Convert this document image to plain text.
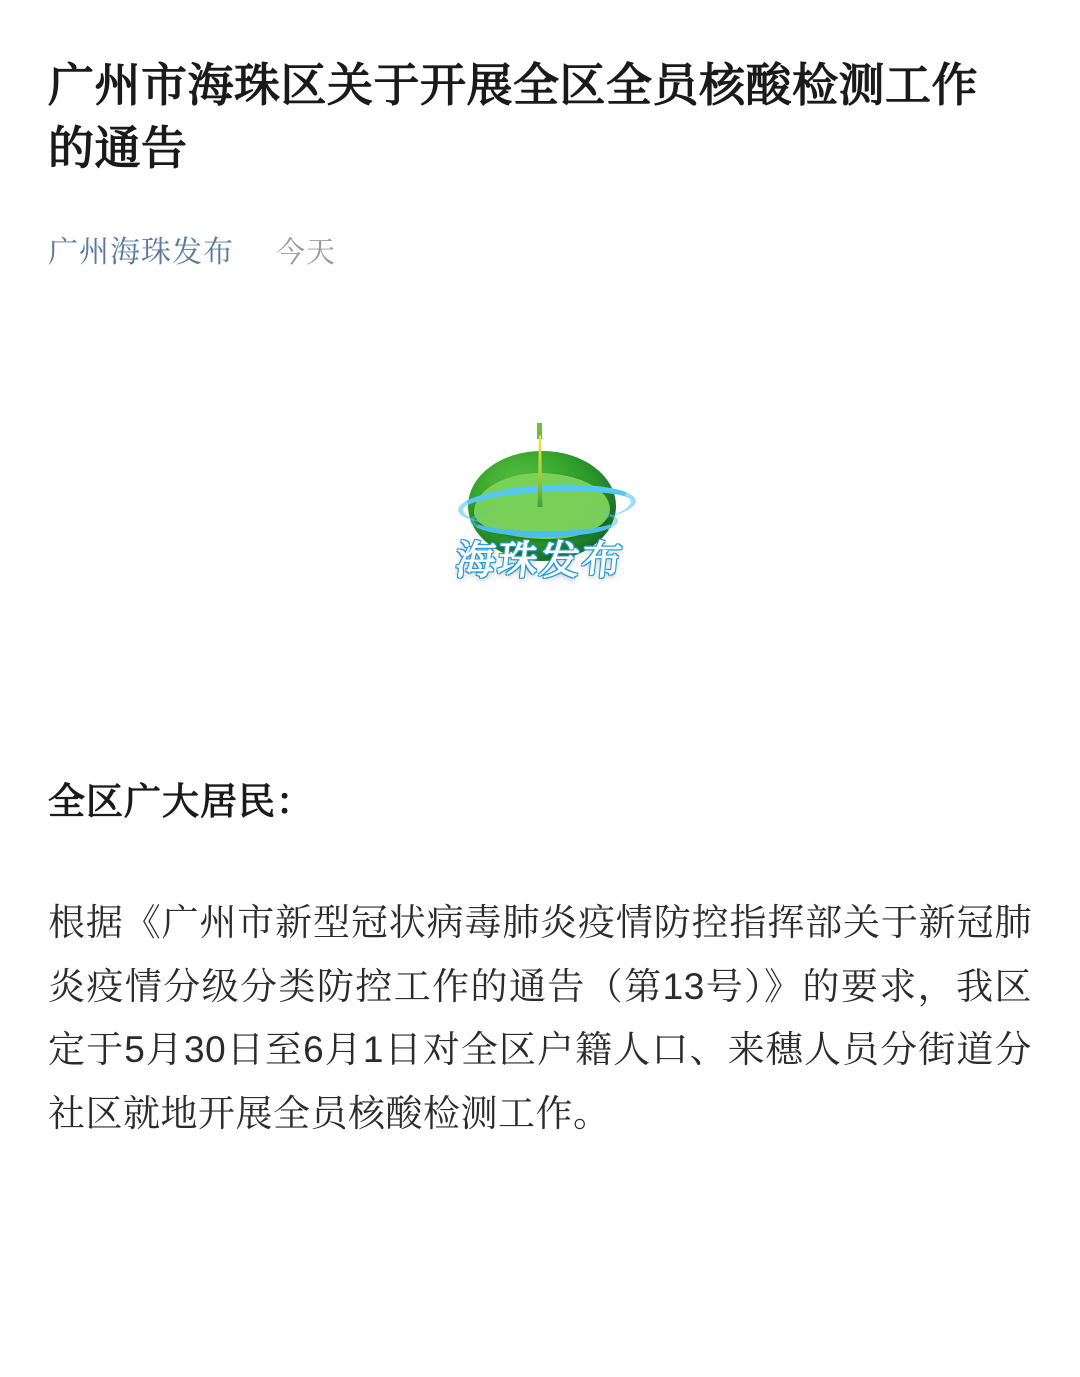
广州市海珠区关于开展全区全员核酸检测工作的通告
广州海珠发布 今天
海珠发布
全区广大居民：

根据《广州市新型冠状病毒肺炎疫情防控指挥部关于新冠肺炎疫情分级分类防控工作的通告（第13号）》的要求，我区定于5月30日至6月1日对全区户籍人口、来穗人员分街道分社区就地开展全员核酸检测工作。
